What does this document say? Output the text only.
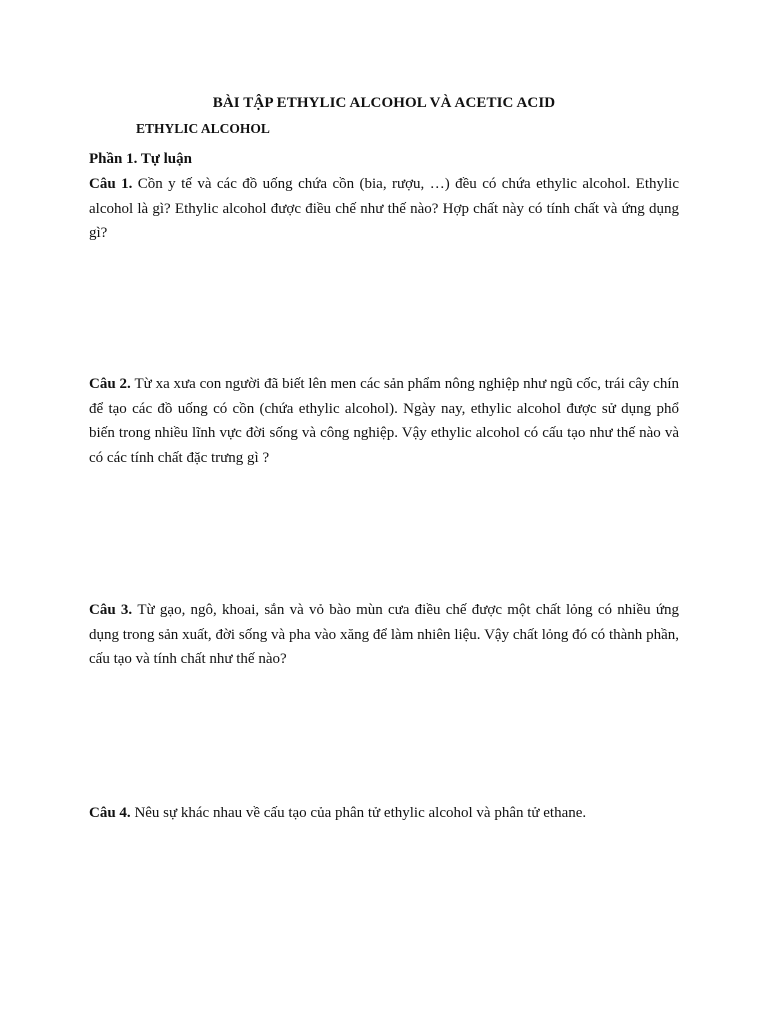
BÀI TẬP ETHYLIC ALCOHOL VÀ ACETIC ACID
ETHYLIC ALCOHOL
Phần 1. Tự luận
Câu 1. Cồn y tế và các đồ uống chứa cồn (bia, rượu, …) đều có chứa ethylic alcohol. Ethylic alcohol là gì? Ethylic alcohol được điều chế như thế nào? Hợp chất này có tính chất và ứng dụng gì?
Câu 2. Từ xa xưa con người đã biết lên men các sản phẩm nông nghiệp như ngũ cốc, trái cây chín để tạo các đồ uống có cồn (chứa ethylic alcohol). Ngày nay, ethylic alcohol được sử dụng phổ biến trong nhiều lĩnh vực đời sống và công nghiệp. Vậy ethylic alcohol có cấu tạo như thế nào và có các tính chất đặc trưng gì ?
Câu 3. Từ gạo, ngô, khoai, sắn và vỏ bào mùn cưa điều chế được một chất lỏng có nhiều ứng dụng trong sản xuất, đời sống và pha vào xăng để làm nhiên liệu. Vậy chất lỏng đó có thành phần, cấu tạo và tính chất như thế nào?
Câu 4. Nêu sự khác nhau về cấu tạo của phân tử ethylic alcohol và phân tử ethane.
